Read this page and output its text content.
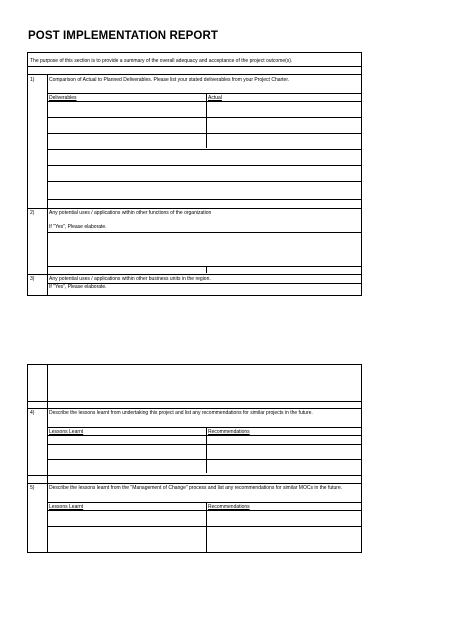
POST IMPLEMENTATION REPORT
The purpose of this section is to provide a summary of the overall adequacy and acceptance of the project outcome(s).
1)	Comparison of Actual to Planned Deliverables. Please list your stated deliverables from your Project Charter.
Deliverables	Actual
2)	Any potential uses / applications within other functions of the organization
If "Yes", Please elaborate.
3)	Any potential uses / applications within other business units in the region.
If "Yes", Please elaborate.
4)	Describe the lessons learnt from undertaking this project and list any recommendations for similar projects in the future.
Lessons Learnt	Recommendations
5)	Describe the lessons learnt from the "Management of Change" process and list any recommendations for similar MOCs in the future.
Lessons Learnt	Recommendations
